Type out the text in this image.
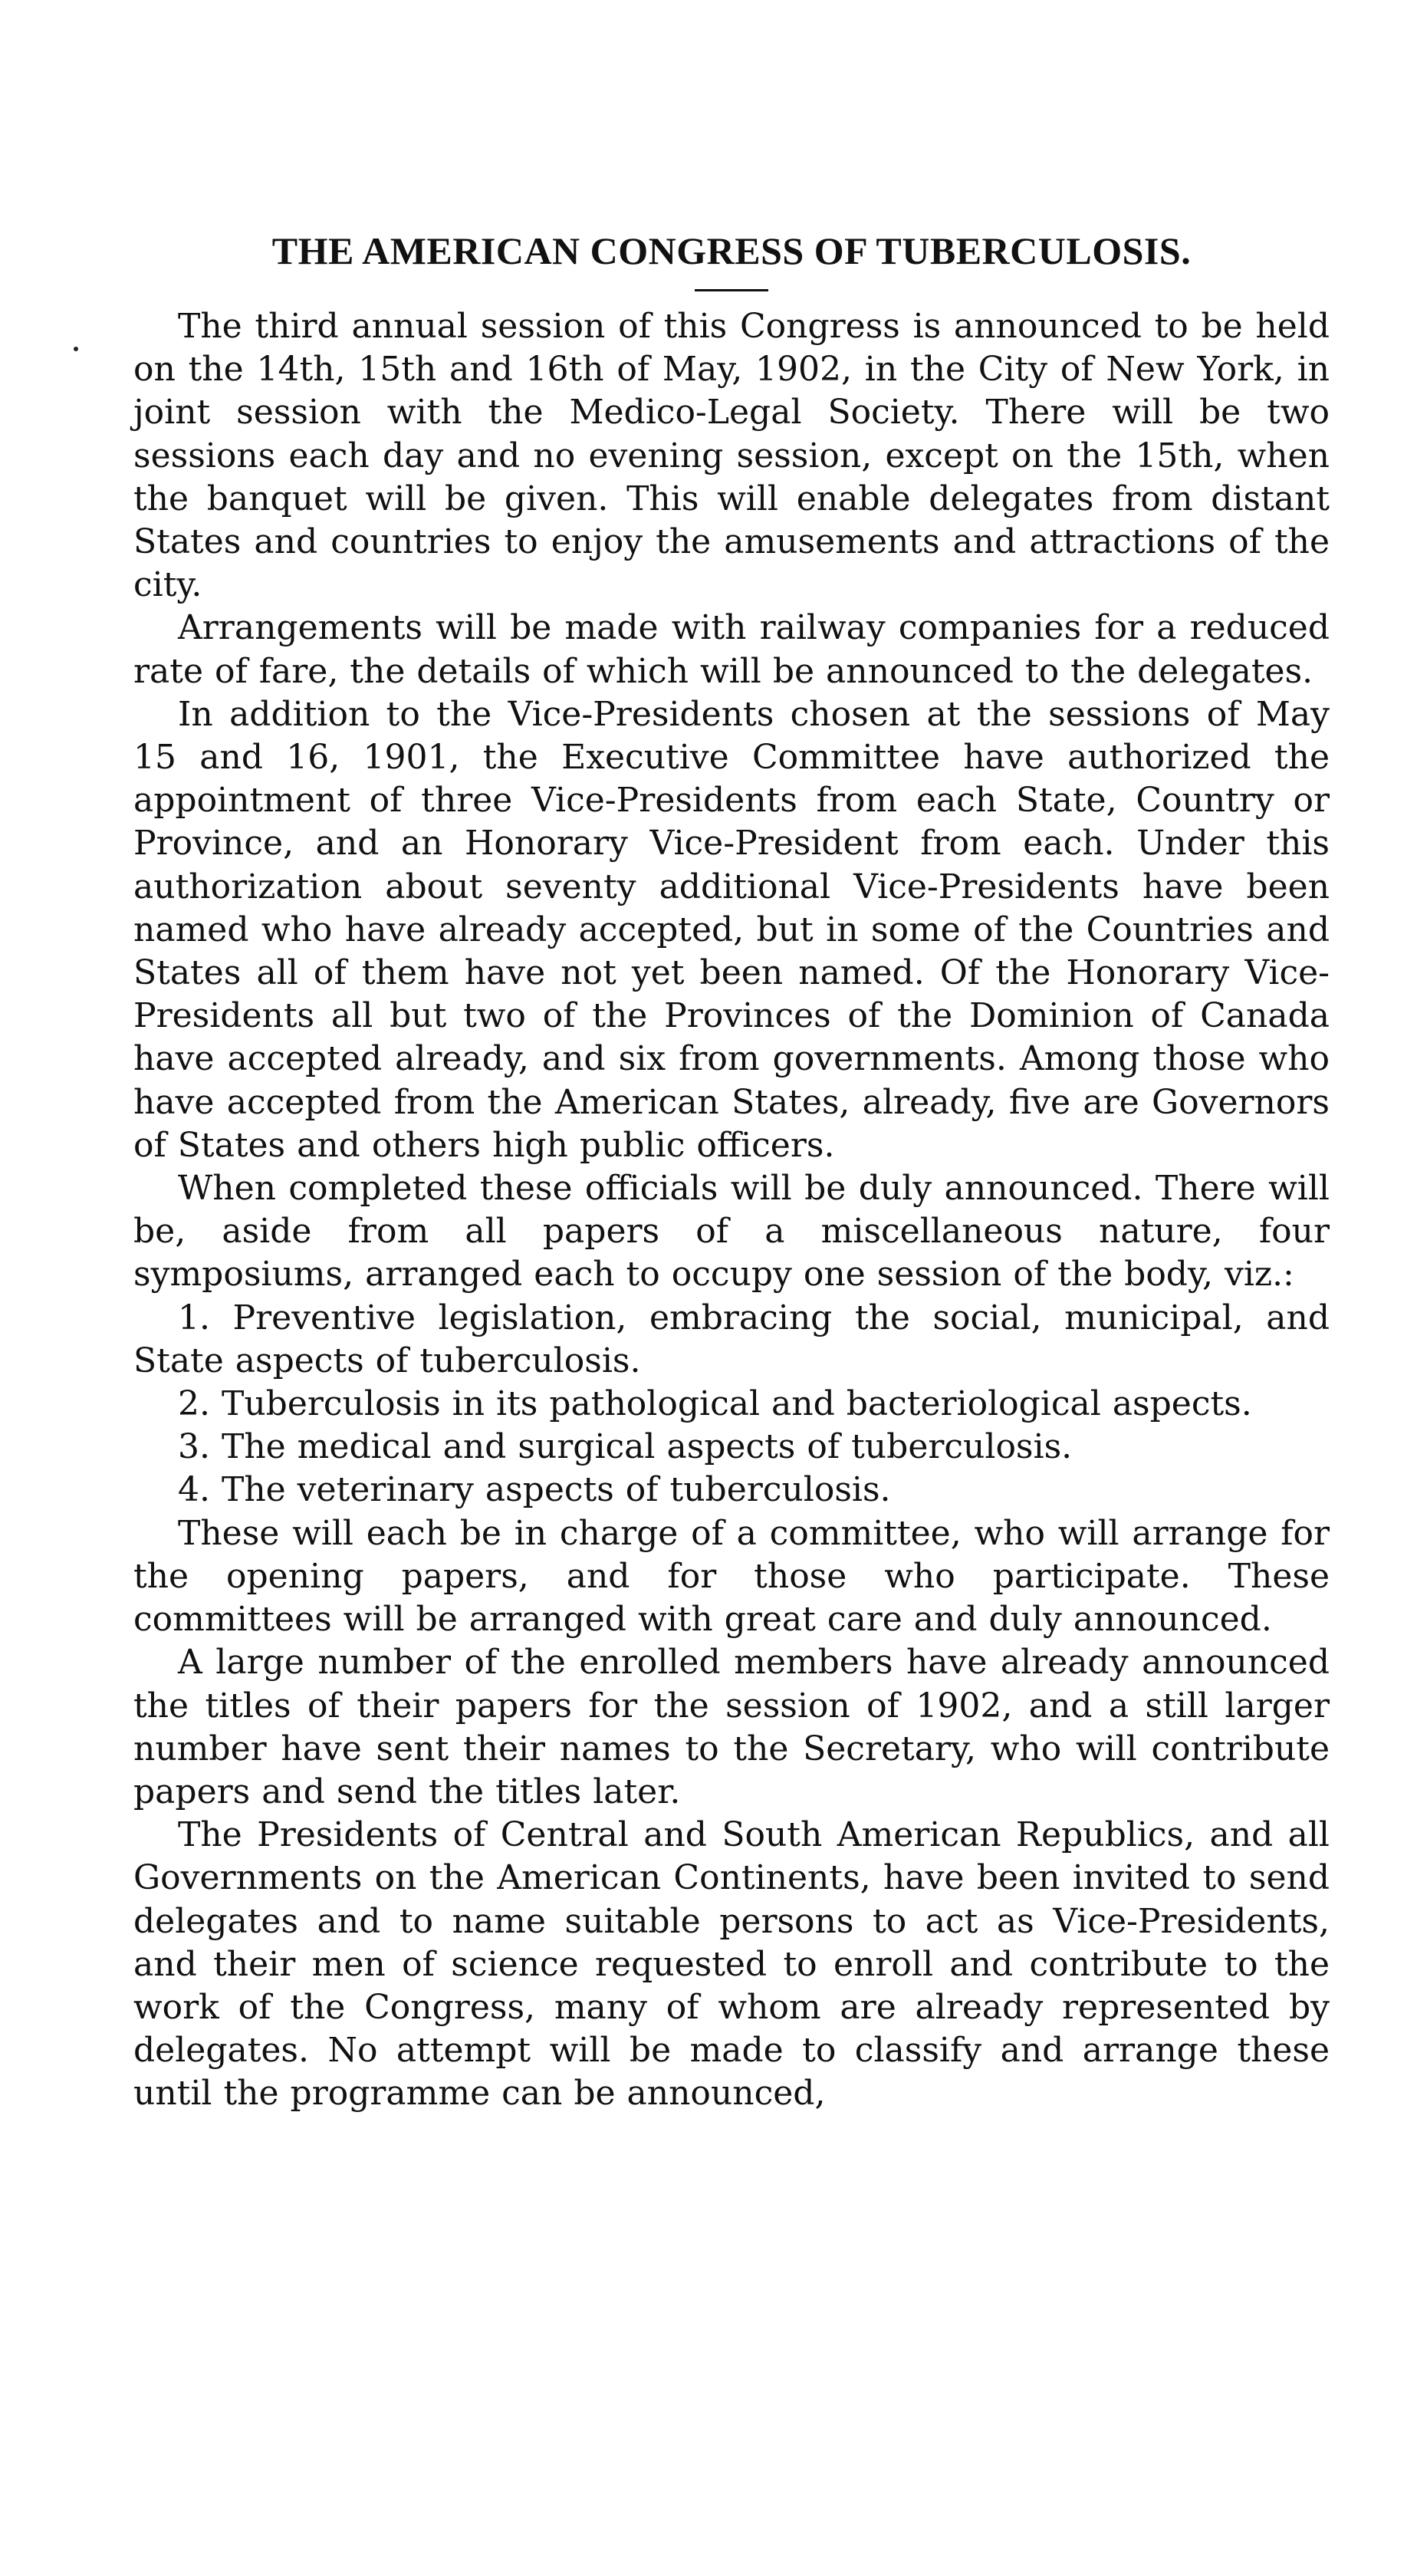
THE AMERICAN CONGRESS OF TUBERCULOSIS.

The third annual session of this Congress is announced to be held on the 14th, 15th and 16th of May, 1902, in the City of New York, in joint session with the Medico-Legal Society. There will be two sessions each day and no evening session, except on the 15th, when the banquet will be given. This will enable delegates from distant States and countries to enjoy the amusements and attractions of the city.

Arrangements will be made with railway companies for a reduced rate of fare, the details of which will be announced to the delegates.

In addition to the Vice-Presidents chosen at the sessions of May 15 and 16, 1901, the Executive Committee have authorized the appointment of three Vice-Presidents from each State, Country or Province, and an Honorary Vice-President from each. Under this authorization about seventy additional Vice-Presidents have been named who have already accepted, but in some of the Countries and States all of them have not yet been named. Of the Honorary Vice-Presidents all but two of the Provinces of the Dominion of Canada have accepted already, and six from governments. Among those who have accepted from the American States, already, five are Governors of States and others high public officers.

When completed these officials will be duly announced. There will be, aside from all papers of a miscellaneous nature, four symposiums, arranged each to occupy one session of the body, viz.:

1. Preventive legislation, embracing the social, municipal, and State aspects of tuberculosis.

2. Tuberculosis in its pathological and bacteriological aspects.

3. The medical and surgical aspects of tuberculosis.

4. The veterinary aspects of tuberculosis.

These will each be in charge of a committee, who will arrange for the opening papers, and for those who participate. These committees will be arranged with great care and duly announced.

A large number of the enrolled members have already announced the titles of their papers for the session of 1902, and a still larger number have sent their names to the Secretary, who will contribute papers and send the titles later.

The Presidents of Central and South American Republics, and all Governments on the American Continents, have been invited to send delegates and to name suitable persons to act as Vice-Presidents, and their men of science requested to enroll and contribute to the work of the Congress, many of whom are already represented by delegates. No attempt will be made to classify and arrange these until the programme can be announced,
